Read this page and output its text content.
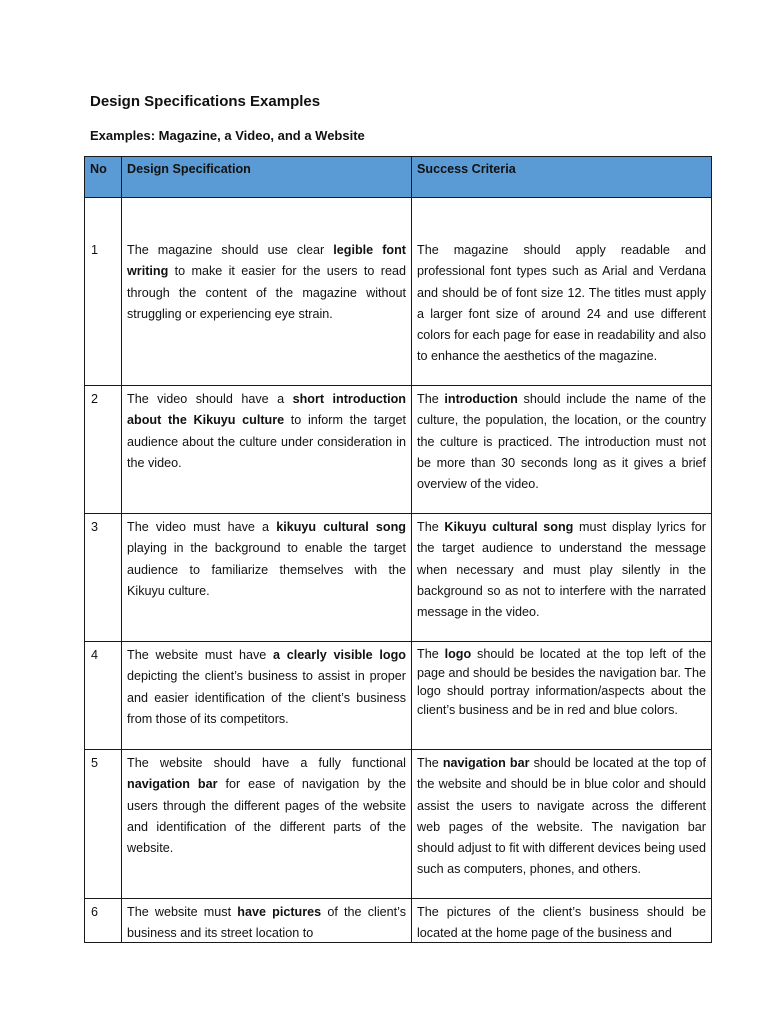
Design Specifications Examples
Examples: Magazine, a Video, and a Website
No	Design Specification	Success Criteria
1	The magazine should use clear legible font writing to make it easier for the users to read through the content of the magazine without struggling or experiencing eye strain.	The magazine should apply readable and professional font types such as Arial and Verdana and should be of font size 12. The titles must apply a larger font size of around 24 and use different colors for each page for ease in readability and also to enhance the aesthetics of the magazine.
2	The video should have a short introduction about the Kikuyu culture to inform the target audience about the culture under consideration in the video.	The introduction should include the name of the culture, the population, the location, or the country the culture is practiced. The introduction must not be more than 30 seconds long as it gives a brief overview of the video.
3	The video must have a kikuyu cultural song playing in the background to enable the target audience to familiarize themselves with the Kikuyu culture.	The Kikuyu cultural song must display lyrics for the target audience to understand the message when necessary and must play silently in the background so as not to interfere with the narrated message in the video.
4	The website must have a clearly visible logo depicting the client’s business to assist in proper and easier identification of the client’s business from those of its competitors.	The logo should be located at the top left of the page and should be besides the navigation bar. The logo should portray information/aspects about the client’s business and be in red and blue colors.
5	The website should have a fully functional navigation bar for ease of navigation by the users through the different pages of the website and identification of the different parts of the website.	The navigation bar should be located at the top of the website and should be in blue color and should assist the users to navigate across the different web pages of the website. The navigation bar should adjust to fit with different devices being used such as computers, phones, and others.
6	The website must have pictures of the client’s business and its street location to	The pictures of the client’s business should be located at the home page of the business and
